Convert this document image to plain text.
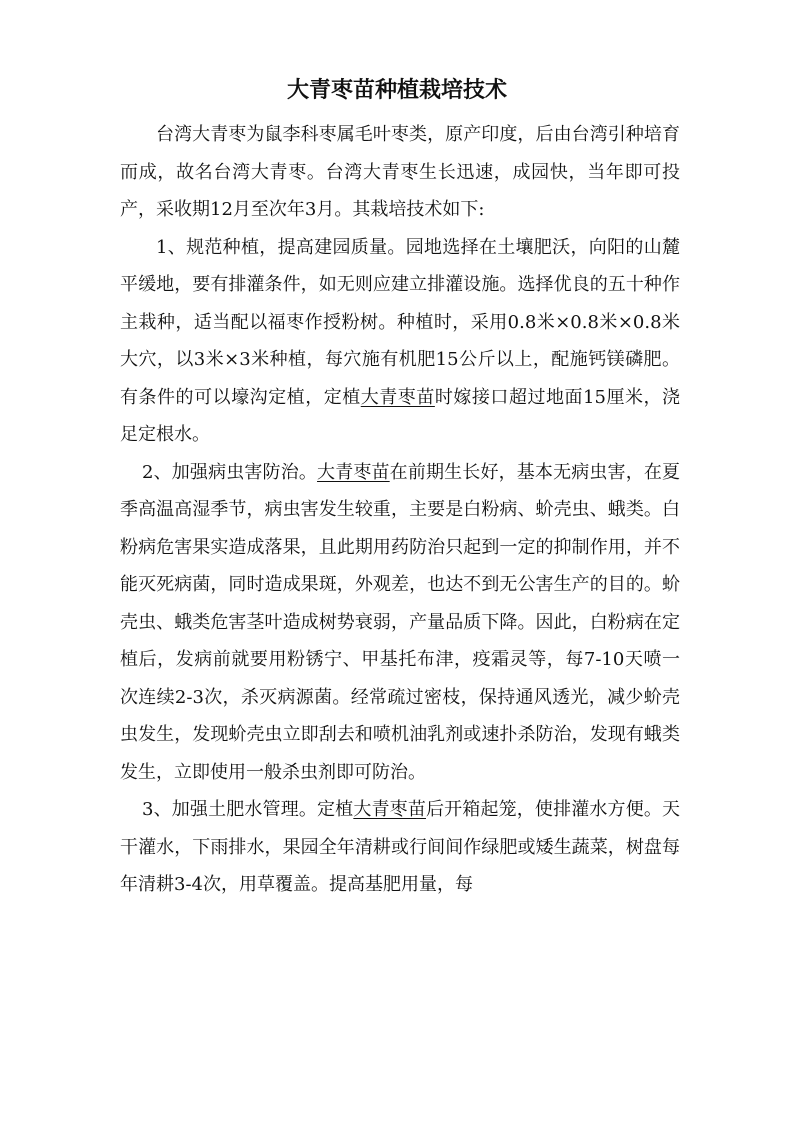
大青枣苗种植栽培技术

台湾大青枣为鼠李科枣属毛叶枣类，原产印度，后由台湾引种培育而成，故名台湾大青枣。台湾大青枣生长迅速，成园快，当年即可投产，采收期12月至次年3月。其栽培技术如下:

1、规范种植，提高建园质量。园地选择在土壤肥沃，向阳的山麓平缓地，要有排灌条件，如无则应建立排灌设施。选择优良的五十种作主栽种，适当配以福枣作授粉树。种植时，采用0.8米×0.8米×0.8米大穴，以3米×3米种植，每穴施有机肥15公斤以上，配施钙镁磷肥。有条件的可以壕沟定植，定植大青枣苗时嫁接口超过地面15厘米，浇足定根水。

2、加强病虫害防治。大青枣苗在前期生长好，基本无病虫害，在夏季高温高湿季节，病虫害发生较重，主要是白粉病、蚧壳虫、蛾类。白粉病危害果实造成落果，且此期用药防治只起到一定的抑制作用，并不能灭死病菌，同时造成果斑，外观差，也达不到无公害生产的目的。蚧壳虫、蛾类危害茎叶造成树势衰弱，产量品质下降。因此，白粉病在定植后，发病前就要用粉锈宁、甲基托布津，疫霜灵等，每7-10天喷一次连续2-3次，杀灭病源菌。经常疏过密枝，保持通风透光，减少蚧壳虫发生，发现蚧壳虫立即刮去和喷机油乳剂或速扑杀防治，发现有蛾类发生，立即使用一般杀虫剂即可防治。

3、加强土肥水管理。定植大青枣苗后开箱起笼，使排灌水方便。天干灌水，下雨排水，果园全年清耕或行间间作绿肥或矮生蔬菜，树盘每年清耕3-4次，用草覆盖。提高基肥用量，每
